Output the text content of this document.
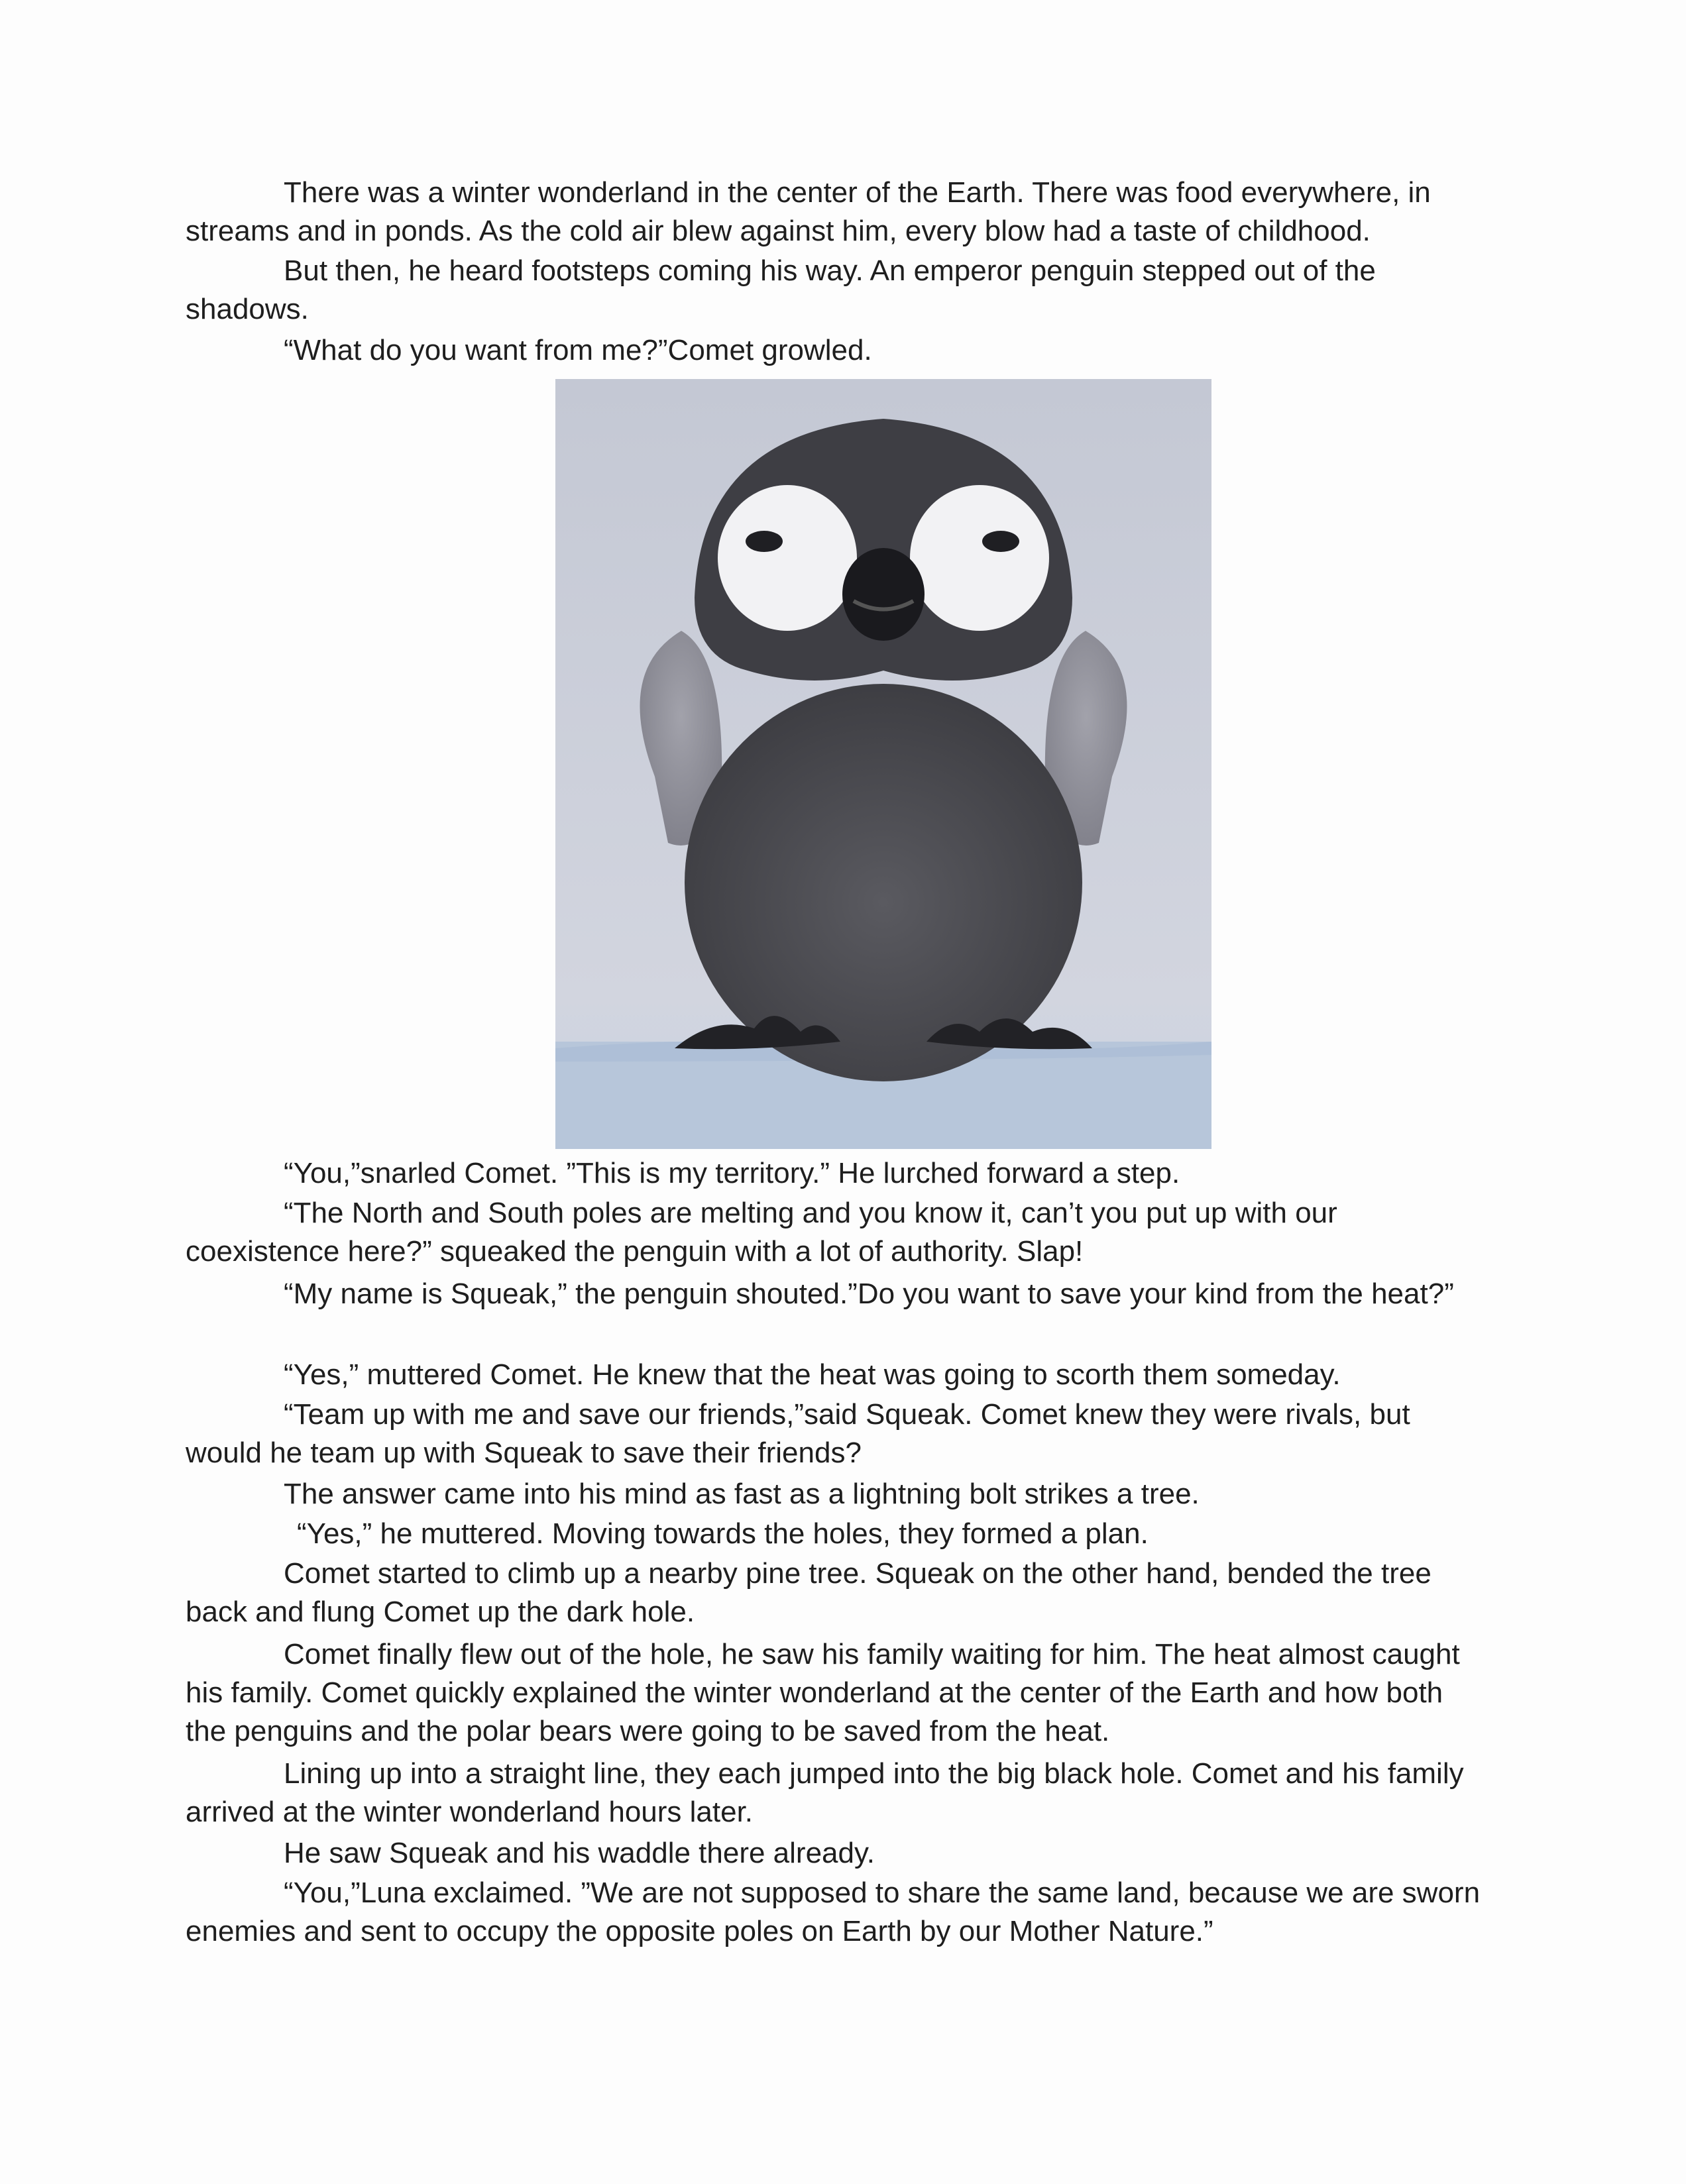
There was a winter wonderland in the center of the Earth. There was food everywhere, in streams and in ponds. As the cold air blew against him, every blow had a taste of childhood.

But then, he heard footsteps coming his way. An emperor penguin stepped out of the shadows.

“What do you want from me?”Comet growled.

“You,”snarled Comet. ”This is my territory.” He lurched forward a step.

“The North and South poles are melting and you know it, can’t you put up with our coexistence here?” squeaked the penguin with a lot of authority. Slap!

“My name is Squeak,” the penguin shouted.”Do you want to save your kind from the heat?”

“Yes,” muttered Comet. He knew that the heat was going to scorth them someday.

“Team up with me and save our friends,”said Squeak. Comet knew they were rivals, but would he team up with Squeak to save their friends?

The answer came into his mind as fast as a lightning bolt strikes a tree.

“Yes,” he muttered. Moving towards the holes, they formed a plan.

Comet started to climb up a nearby pine tree. Squeak on the other hand, bended the tree back and flung Comet up the dark hole.

Comet finally flew out of the hole, he saw his family waiting for him. The heat almost caught his family. Comet quickly explained the winter wonderland at the center of the Earth and how both the penguins and the polar bears were going to be saved from the heat.

Lining up into a straight line, they each jumped into the big black hole. Comet and his family arrived at the winter wonderland hours later.

He saw Squeak and his waddle there already.

“You,”Luna exclaimed. ”We are not supposed to share the same land, because we are sworn enemies and sent to occupy the opposite poles on Earth by our Mother Nature.”
